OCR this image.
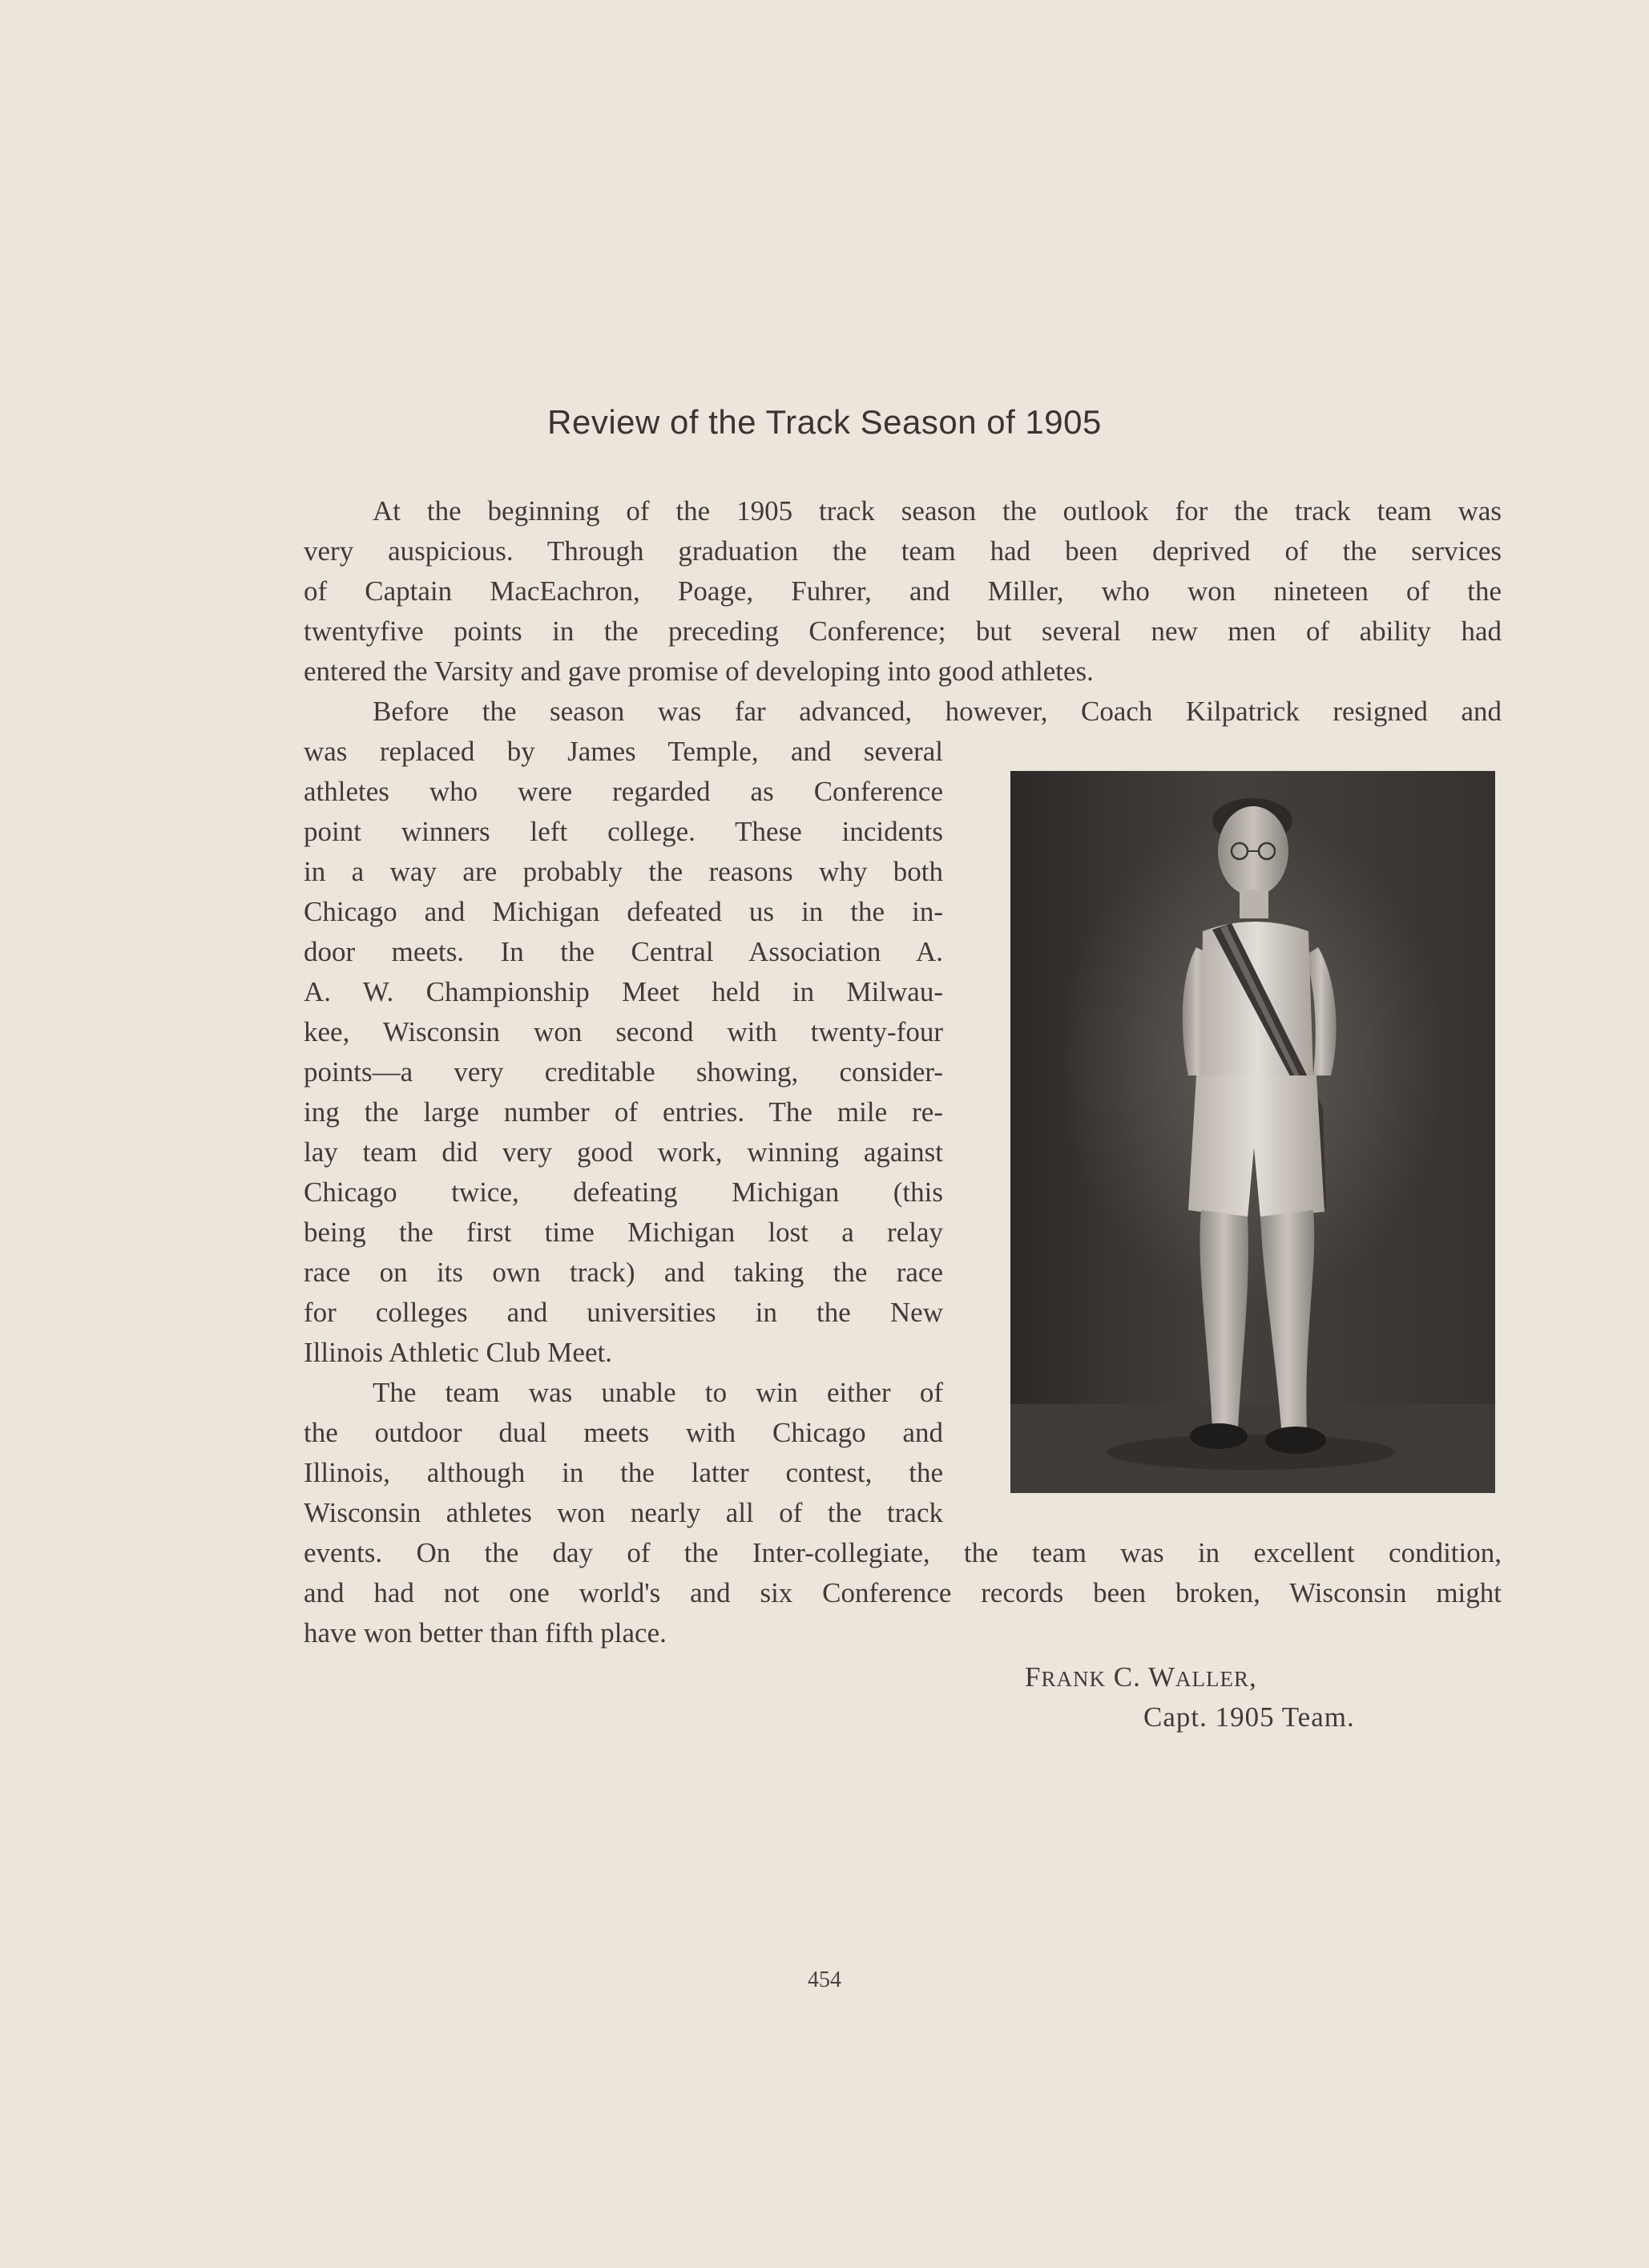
Review of the Track Season of 1905
At the beginning of the 1905 track season the outlook for the track team was
very auspicious. Through graduation the team had been deprived of the services
of Captain MacEachron, Poage, Fuhrer, and Miller, who won nineteen of the
twentyfive points in the preceding Conference; but several new men of ability had
entered the Varsity and gave promise of developing into good athletes.
Before the season was far advanced, however, Coach Kilpatrick resigned and
was replaced by James Temple, and several
athletes who were regarded as Conference
point winners left college. These incidents
in a way are probably the reasons why both
Chicago and Michigan defeated us in the in-
door meets. In the Central Association A.
A. W. Championship Meet held in Milwau-
kee, Wisconsin won second with twenty-four
points—a very creditable showing, consider-
ing the large number of entries. The mile re-
lay team did very good work, winning against
Chicago twice, defeating Michigan (this
being the first time Michigan lost a relay
race on its own track) and taking the race
for colleges and universities in the New
Illinois Athletic Club Meet.
The team was unable to win either of
the outdoor dual meets with Chicago and
Illinois, although in the latter contest, the
Wisconsin athletes won nearly all of the track
events. On the day of the Inter-collegiate, the team was in excellent condition,
and had not one world's and six Conference records been broken, Wisconsin might
have won better than fifth place.
FRANK C. WALLER,
Capt. 1905 Team.
454
